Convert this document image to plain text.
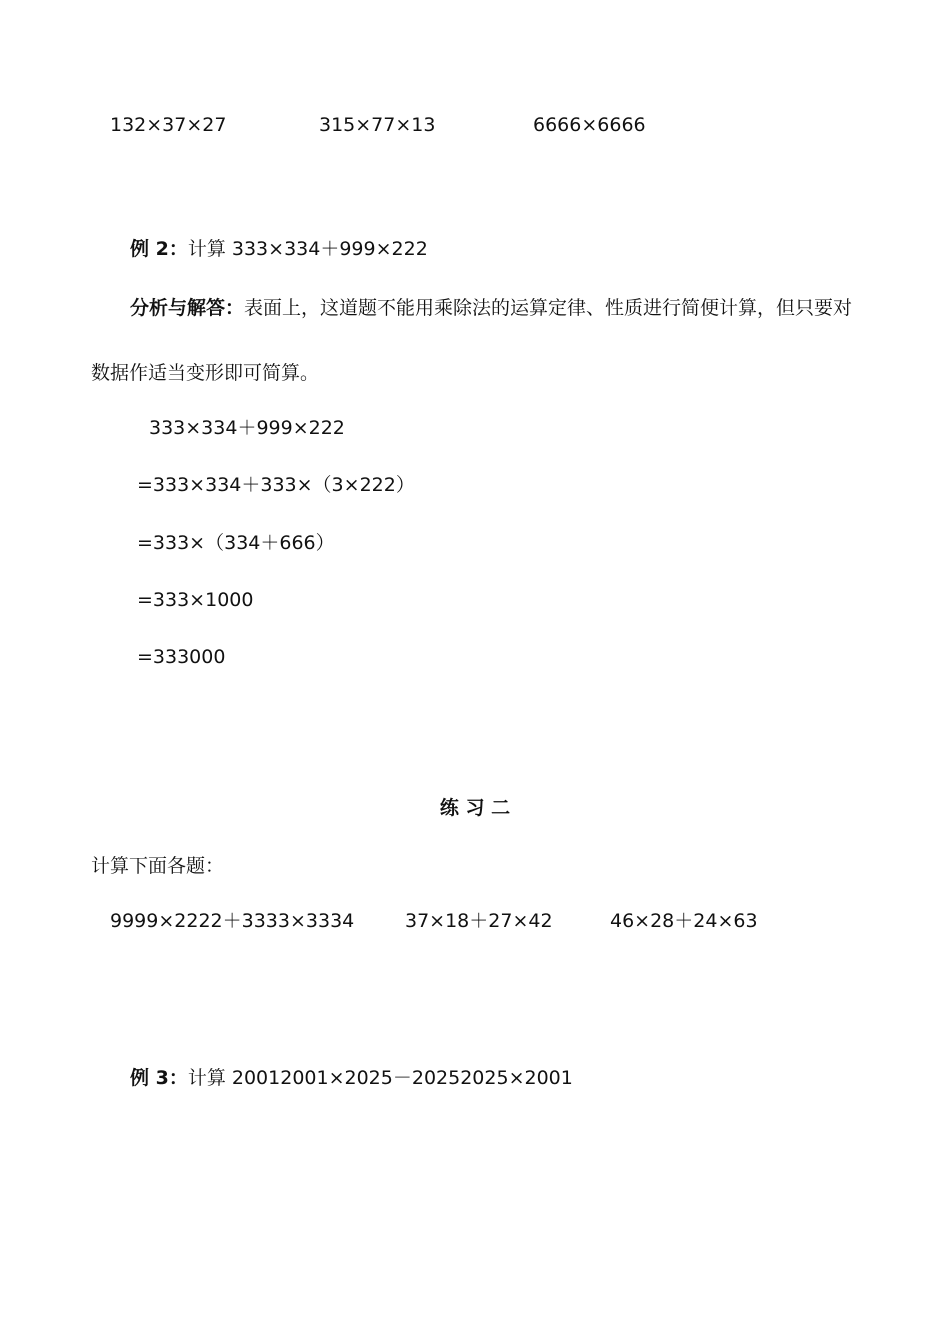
132×37×27	315×77×13	6666×6666
例 2：计算 333×334＋999×222
分析与解答：表面上，这道题不能用乘除法的运算定律、性质进行简便计算，但只要对
数据作适当变形即可简算。
333×334＋999×222
=333×334＋333×（3×222）
=333×（334＋666）
=333×1000
=333000
练 习 二
计算下面各题：
9999×2222＋3333×3334	37×18＋27×42	46×28＋24×63
例 3：计算 20012001×2025－20252025×2001
